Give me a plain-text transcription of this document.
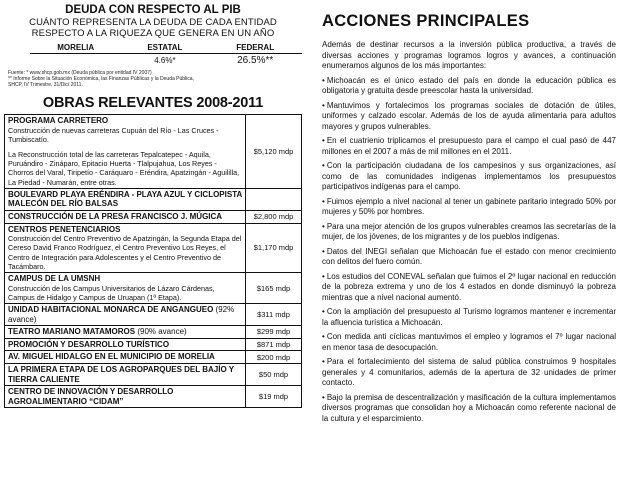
DEUDA CON RESPECTO AL PIB
CUÁNTO REPRESENTA LA DEUDA DE CADA ENTIDAD
RESPECTO A LA RIQUEZA QUE GENERA EN UN AÑO
MORELIA	ESTATAL	FEDERAL
	4.6%*	26.5%**
Fuente: * www.shcp.gob.mx (Deuda pública por entidad IV 2007)
** Informe Sobre la Situación Económica, las Finanzas Públicas y la Deuda Pública,
SHCP, IV Trimestre, 31/Dic/ 2011.
OBRAS RELEVANTES 2008-2011
PROGRAMA CARRETERO
Construcción de nuevas carreteras Cupuán del Río - Las Cruces - Tumbiscatío.
La Reconstrucción total de las carreteras Tepalcatepec - Aquila, Puruándiro - Zináparo, Epitacio Huerta - Tlalpujahua, Los Reyes - Chorros del Varal, Tiripetío - Caráquaro - Eréndira, Apatzingán - Aguililla, La Piedad - Numarán, entre otras.
$5,120 mdp
BOULEVARD PLAYA ERÉNDIRA - PLAYA AZUL Y CICLOPISTA MALECÓN DEL RÍO BALSAS
CONSTRUCCIÓN DE LA PRESA FRANCISCO J. MÚGICA	$2,800 mdp
CENTROS PENETENCIARIOS
Construcción del Centro Preventivo de Apatzingán, la Segunda Etapa del Cereso David Franco Rodríguez, el Centro Preventivo Los Reyes, el Centro de Integración para Adolescentes y el Centro Preventivo de Tacámbaro.
$1,170 mdp
CAMPUS DE LA UMSNH
Construcción de los Campus Universitarios de Lázaro Cárdenas, Campus de Hidalgo y Campus de Uruapan (1ª Etapa).
$165 mdp
UNIDAD HABITACIONAL MONARCA DE ANGANGUEO (92% avance)	$311 mdp
TEATRO MARIANO MATAMOROS (90% avance)	$299 mdp
PROMOCIÓN Y DESARROLLO TURÍSTICO	$871 mdp
AV. MIGUEL HIDALGO EN EL MUNICIPIO DE MORELIA	$200 mdp
LA PRIMERA ETAPA DE LOS AGROPARQUES DEL BAJÍO Y TIERRA CALIENTE	$50 mdp
CENTRO DE INNOVACIÓN Y DESARROLLO AGROALIMENTARIO “CIDAM”	$19 mdp
ACCIONES PRINCIPALES
Además de destinar recursos a la inversión pública productiva, a través de diversas acciones y programas logramos logros y avances, a continuación enumeramos algunos de los más importantes:
• Michoacán es el único estado del país en donde la educación pública es obligatoria y gratuita desde preescolar hasta la universidad.
• Mantuvimos y fortalecimos los programas sociales de dotación de útiles, uniformes y calzado escolar. Además de los de ayuda alimentaria para adultos mayores y grupos vulnerables.
• En el cuatrienio triplicamos el presupuesto para el campo el cual pasó de 447 millones en el 2007 a más de mil millones en el 2011.
• Con la participación ciudadana de los campesinos y sus organizaciones, así como de las comunidades indígenas implementamos los presupuestos participativos indígenas para el campo.
• Fuimos ejemplo a nivel nacional al tener un gabinete paritario integrado 50% por mujeres y 50% por hombres.
• Para una mejor atención de los grupos vulnerables creamos las secretarías de la mujer, de los jóvenes, de los migrantes y de los pueblos indígenas.
• Datos del INEGI señalan que Michoacán fue el estado con menor crecimiento con delitos del fuero común.
• Los estudios del CONEVAL señalan que fuimos el 2º lugar nacional en reducción de la pobreza extrema y uno de los 4 estados en donde disminuyó la pobreza mientras que a nivel nacional aumentó.
• Con la ampliación del presupuesto al Turismo logramos mantener e incrementar la afluencia turística a Michoacán.
• Con medida anti cíclicas mantuvimos el empleo y logramos el 7º lugar nacional en menor tasa de desocupación.
• Para el fortalecimiento del sistema de salud pública construimos 9 hospitales generales y 4 comunitarios, además de la apertura de 32 unidades de primer contacto.
• Bajo la premisa de descentralización y masificación de la cultura implementamos diversos programas que consolidan hoy a Michoacán como referente nacional de la cultura y el esparcimiento.
